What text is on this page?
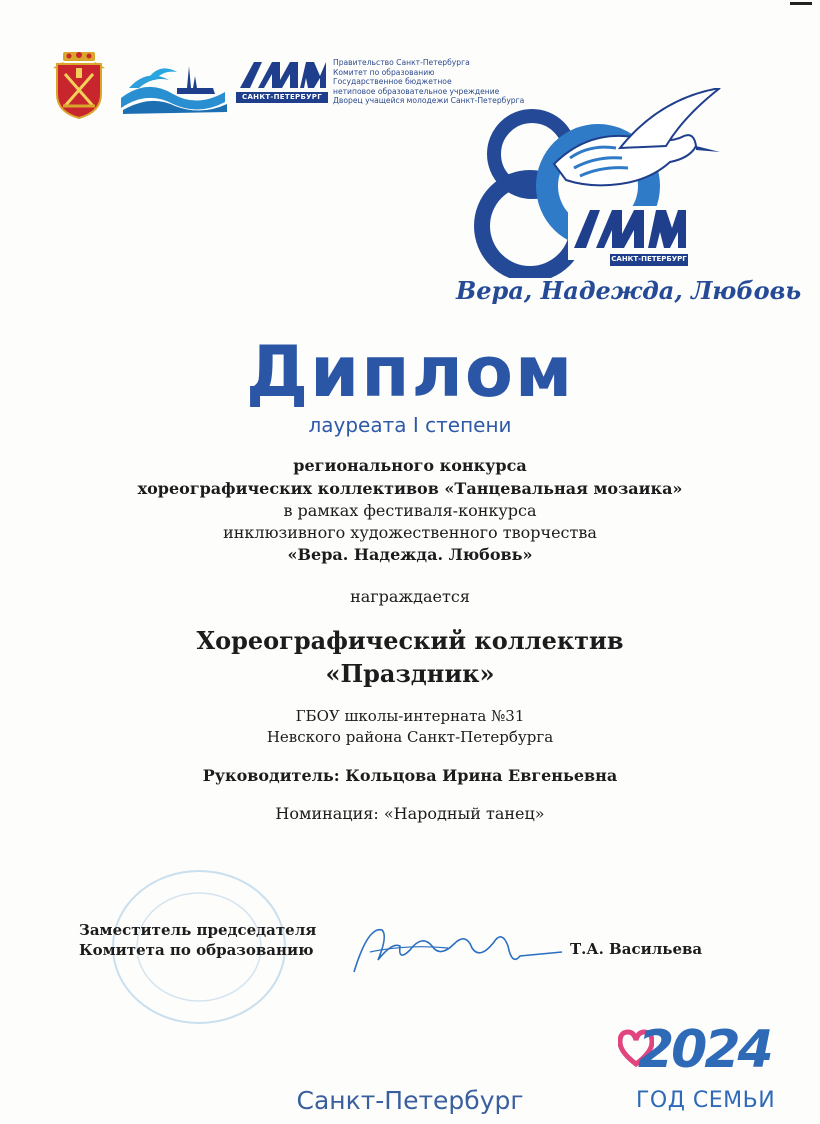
САНКТ-ПЕТЕРБУРГ
Правительство Санкт-Петербурга
Комитет по образованию
Государственное бюджетное
нетиповое образовательное учреждение
Дворец учащейся молодежи Санкт-Петербурга
САНКТ-ПЕТЕРБУРГ
Вера, Надежда, Любовь
Диплом
лауреата I степени
регионального конкурса
хореографических коллективов «Танцевальная мозаика»
в рамках фестиваля-конкурса
инклюзивного художественного творчества
«Вера. Надежда. Любовь»
награждается
Хореографический коллектив
«Праздник»
ГБОУ школы-интерната №31
Невского района Санкт-Петербурга
Руководитель: Кольцова Ирина Евгеньевна
Номинация: «Народный танец»
Заместитель председателя
Комитета по образованию	Т.А. Васильева
Санкт-Петербург
2024
ГОД СЕМЬИ
